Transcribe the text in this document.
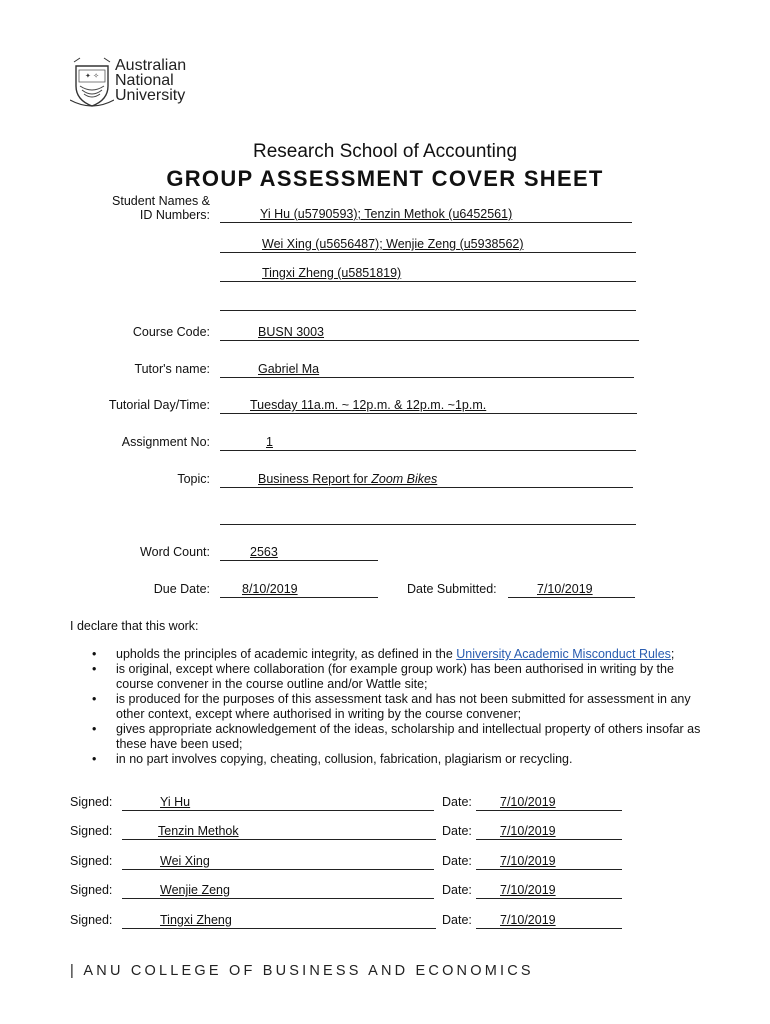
✦ ✧
Australian
National
University
Research School of Accounting
GROUP ASSESSMENT COVER SHEET
Student Names &
ID Numbers:	Yi Hu (u5790593); Tenzin Methok (u6452561)
Wei Xing (u5656487); Wenjie Zeng (u5938562)
Tingxi Zheng (u5851819)
Course Code:	BUSN 3003
Tutor's name:	Gabriel Ma
Tutorial Day/Time:	Tuesday 11a.m. ~ 12p.m. & 12p.m. ~1p.m.
Assignment No:	1
Topic:	Business Report for Zoom Bikes
Word Count:	2563
Due Date:	8/10/2019	Date Submitted:	7/10/2019
I declare that this work:
• upholds the principles of academic integrity, as defined in the University Academic Misconduct Rules;
• is original, except where collaboration (for example group work) has been authorised in writing by the course convener in the course outline and/or Wattle site;
• is produced for the purposes of this assessment task and has not been submitted for assessment in any other context, except where authorised in writing by the course convener;
• gives appropriate acknowledgement of the ideas, scholarship and intellectual property of others insofar as these have been used;
• in no part involves copying, cheating, collusion, fabrication, plagiarism or recycling.
Signed:	Yi Hu	Date: 7/10/2019
Signed:	Tenzin Methok	Date: 7/10/2019
Signed:	Wei Xing	Date: 7/10/2019
Signed:	Wenjie Zeng	Date: 7/10/2019
Signed:	Tingxi Zheng	Date: 7/10/2019
| ANU COLLEGE OF BUSINESS AND ECONOMICS
